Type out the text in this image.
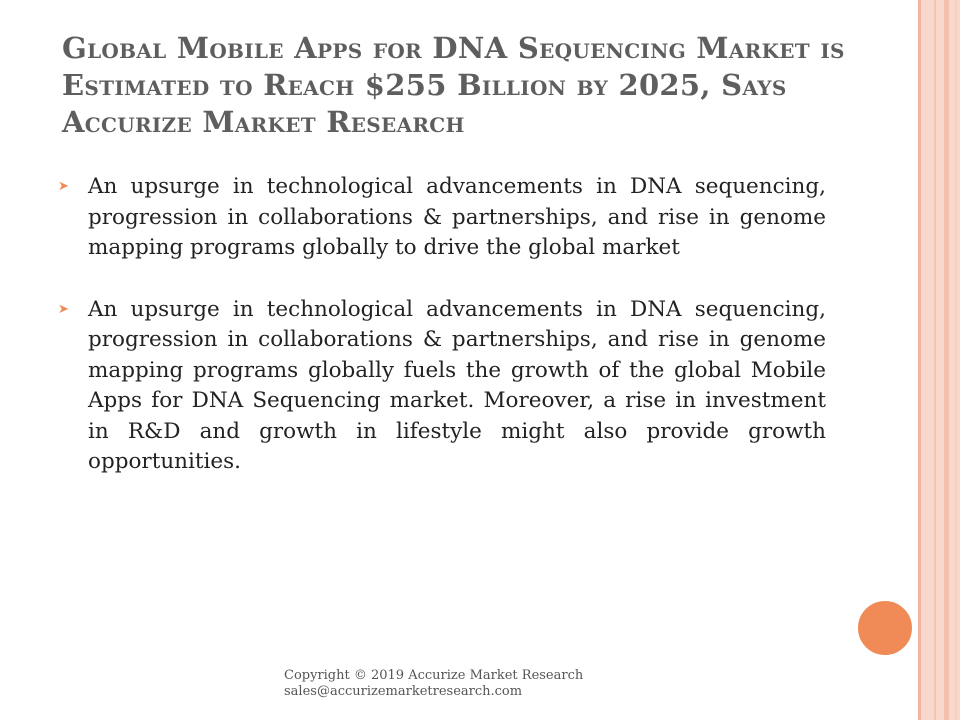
Global Mobile Apps for DNA Sequencing Market is Estimated to Reach $255 Billion by 2025, Says Accurize Market Research
➤ An upsurge in technological advancements in DNA sequencing, progression in collaborations & partnerships, and rise in genome mapping programs globally to drive the global market
➤ An upsurge in technological advancements in DNA sequencing, progression in collaborations & partnerships, and rise in genome mapping programs globally fuels the growth of the global Mobile Apps for DNA Sequencing market. Moreover, a rise in investment in R&D and growth in lifestyle might also provide growth opportunities.
Copyright © 2019 Accurize Market Research
sales@accurizemarketresearch.com
